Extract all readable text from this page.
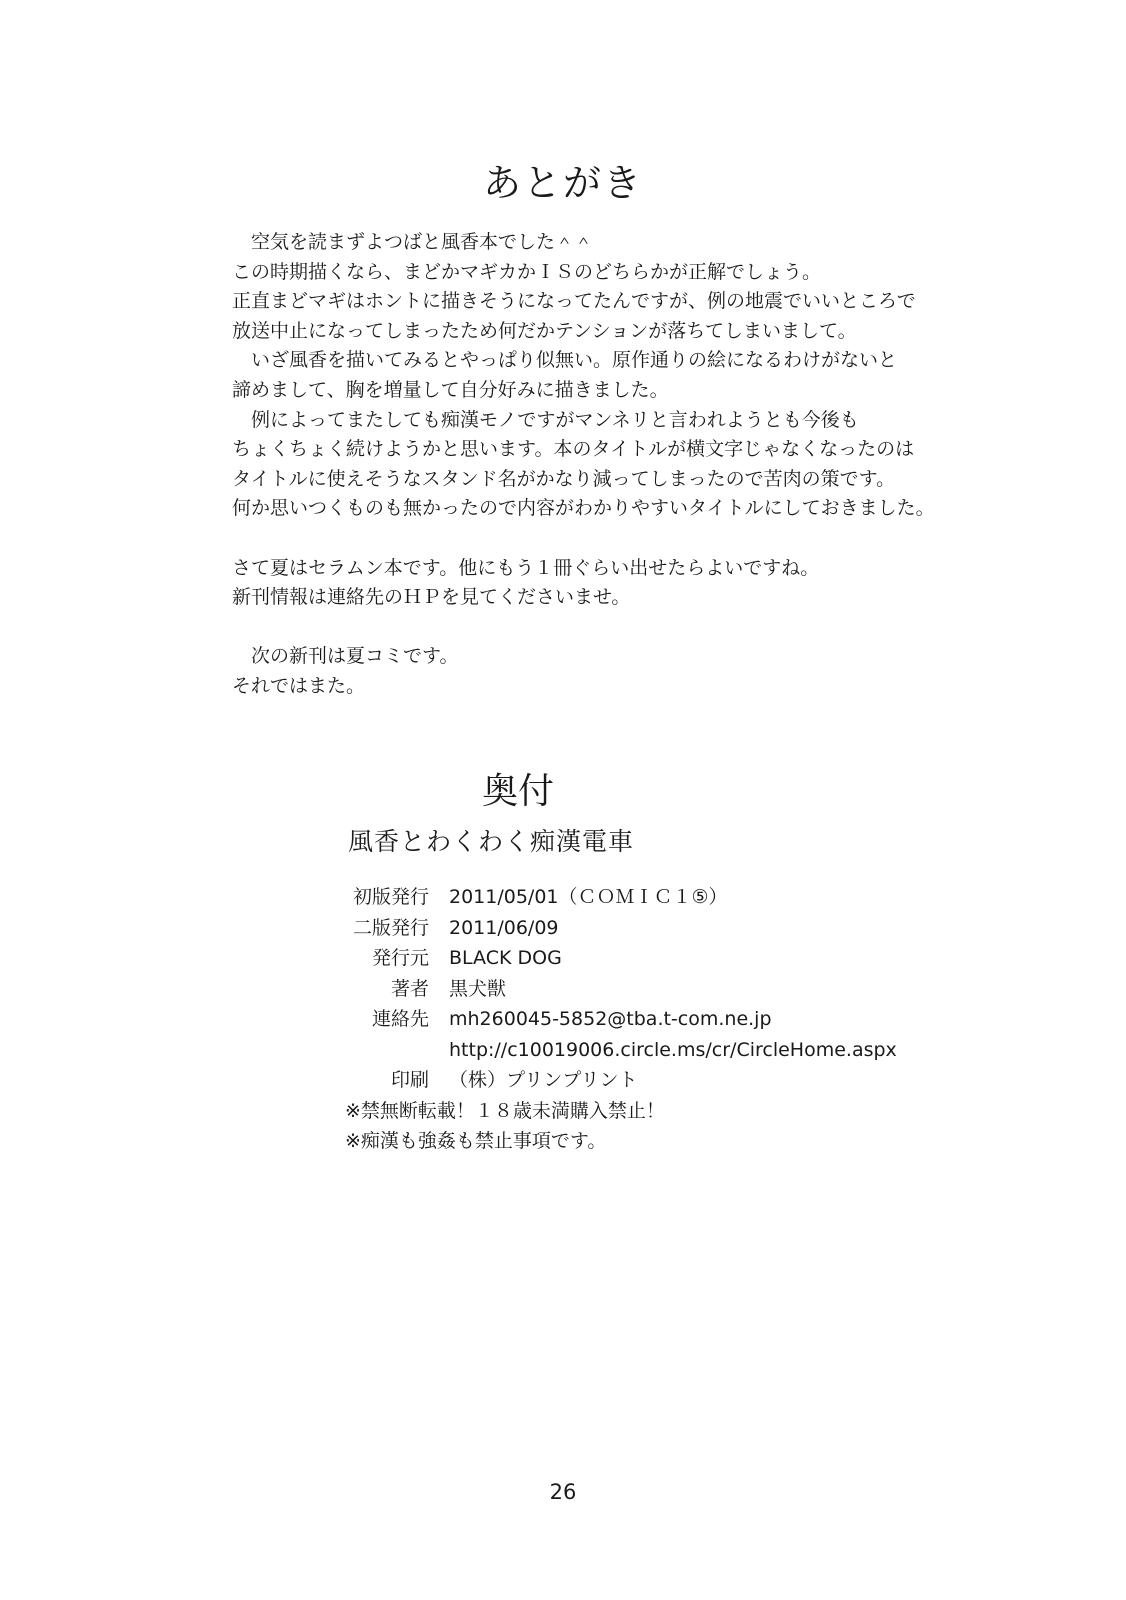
あとがき
　空気を読まずよつばと風香本でした＾＾
この時期描くなら、まどかマギカかＩＳのどちらかが正解でしょう。
正直まどマギはホントに描きそうになってたんですが、例の地震でいいところで
放送中止になってしまったため何だかテンションが落ちてしまいまして。
　いざ風香を描いてみるとやっぱり似無い。原作通りの絵になるわけがないと
諦めまして、胸を増量して自分好みに描きました。
　例によってまたしても痴漢モノですがマンネリと言われようとも今後も
ちょくちょく続けようかと思います。本のタイトルが横文字じゃなくなったのは
タイトルに使えそうなスタンド名がかなり減ってしまったので苦肉の策です。
何か思いつくものも無かったので内容がわかりやすいタイトルにしておきました。
さて夏はセラムン本です。他にもう１冊ぐらい出せたらよいですね。
新刊情報は連絡先のＨＰを見てくださいませ。
　次の新刊は夏コミです。
それではまた。
奥付
風香とわくわく痴漢電車
初版発行 2011/05/01（ＣＯＭＩＣ１⑤）
二版発行 2011/06/09
発行元 BLACK DOG
著者 黒犬獣
連絡先 mh260045-5852@tba.t-com.ne.jp
http://c10019006.circle.ms/cr/CircleHome.aspx
印刷 （株）プリンプリント
※禁無断転載！１８歳未満購入禁止！
※痴漢も強姦も禁止事項です。
26
